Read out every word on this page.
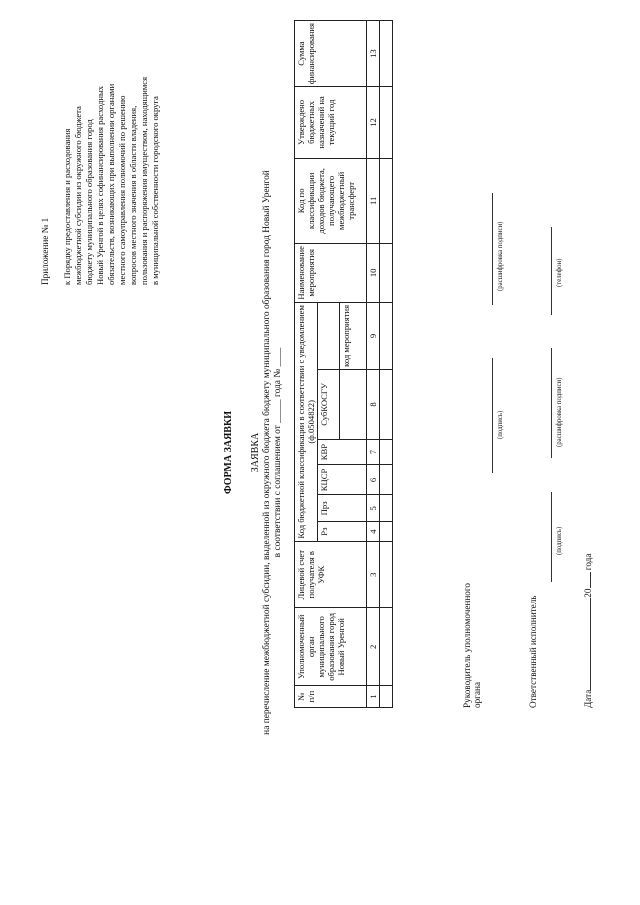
Приложение № 1 к Порядку предоставления и расходования межбюджетной субсидии из окружного бюджета бюджету муниципального образования город Новый Уренгой в целях софинансирования расходных обязательств, возникающих при выполнении органами местного самоуправления полномочий по решению вопросов местного значения в области владения, пользования и распоряжения имуществом, находящимся в муниципальной собственности городского округа
ФОРМА ЗАЯВКИ ЗАЯВКА на перечисление межбюджетной субсидии, выделенной из окружного бюджета бюджету муниципального образования город Новый Уренгой в соответствии с соглашением от _____ года № ____
№ п/п	Уполномоченный орган муниципального образования город Новый Уренгой	Лицевой счет получателя в УФК	Код бюджетной классификации в соответствии с уведомлением (ф.0504822)						Наименование мероприятия	Код по классификации доходов бюджета, получающего межбюджетный трансферт	Утверждено бюджетных назначений на текущий год	Сумма финансирования
			Рз	Прз	КЦСР	КВР	СубКОСГУ					
								код мероприятия				
1	2	3	4	5	6	7	8	9	10	11	12	13

Руководитель уполномоченного органа
(подпись)
(расшифровка подписи)
Ответственный исполнитель
(подпись)
(расшифровка подписи)
(телефон)
Дата20 года
